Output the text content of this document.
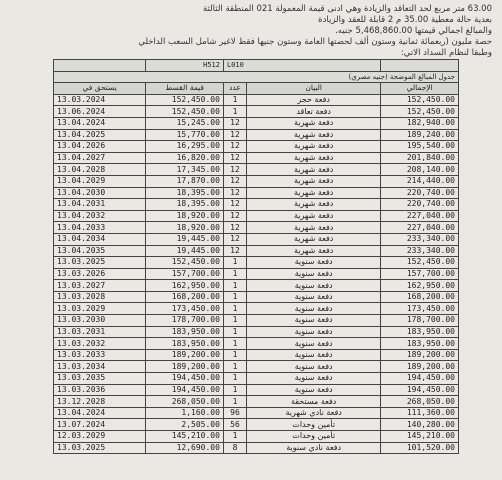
63.00 متر مربع لحد التعاقد والزيادة وهي ادنى قيمة المعمولة 021 المنطقة الثالثة
بعدية حالة معطية 35.00 م 2 قابلة للعقد والزيادة
والمبالغ اجمالي قيمتها 5,468,860.00 جنيه.
حصة مليون (ربعمائة ثمانية وستون ألف لحصتها العامة وستون جنيها فقط لاغير شامل السعب الداخلي
وطبقا لنظام السداد الاتي:
	H512	L010		
جدول المبالغ الموضحة (جنيه مصري)				
يستحق في	قيمة القسط	عدد	البيان	الإجمالي
13.03.2024	152,450.00	1	دفعة حجز	152,450.00
13.06.2024	152,450.00	1	دفعة تعاقد	152,450.00
13.04.2024	15,245.00	12	دفعة شهرية	182,940.00
13.04.2025	15,770.00	12	دفعة شهرية	189,240.00
13.04.2026	16,295.00	12	دفعة شهرية	195,540.00
13.04.2027	16,820.00	12	دفعة شهرية	201,840.00
13.04.2028	17,345.00	12	دفعة شهرية	208,140.00
13.04.2029	17,870.00	12	دفعة شهرية	214,440.00
13.04.2030	18,395.00	12	دفعة شهرية	220,740.00
13.04.2031	18,395.00	12	دفعة شهرية	220,740.00
13.04.2032	18,920.00	12	دفعة شهرية	227,040.00
13.04.2033	18,920.00	12	دفعة شهرية	227,040.00
13.04.2034	19,445.00	12	دفعة شهرية	233,340.00
13.04.2035	19,445.00	12	دفعة شهرية	233,340.00
13.03.2025	152,450.00	1	دفعة سنوية	152,450.00
13.03.2026	157,700.00	1	دفعة سنوية	157,700.00
13.03.2027	162,950.00	1	دفعة سنوية	162,950.00
13.03.2028	168,200.00	1	دفعة سنوية	168,200.00
13.03.2029	173,450.00	1	دفعة سنوية	173,450.00
13.03.2030	178,700.00	1	دفعة سنوية	178,700.00
13.03.2031	183,950.00	1	دفعة سنوية	183,950.00
13.03.2032	183,950.00	1	دفعة سنوية	183,950.00
13.03.2033	189,200.00	1	دفعة سنوية	189,200.00
13.03.2034	189,200.00	1	دفعة سنوية	189,200.00
13.03.2035	194,450.00	1	دفعة سنوية	194,450.00
13.03.2036	194,450.00	1	دفعة سنوية	194,450.00
13.12.2028	268,050.00	1	دفعة مستحقة	268,050.00
13.04.2024	1,160.00	96	دفعة نادي شهرية	111,360.00
13.07.2024	2,505.00	56	تأمين وحدات	140,280.00
12.03.2029	145,210.00	1	تأمين وحدات	145,210.00
13.03.2025	12,690.00	8	دفعة نادي سنوية	101,520.00
